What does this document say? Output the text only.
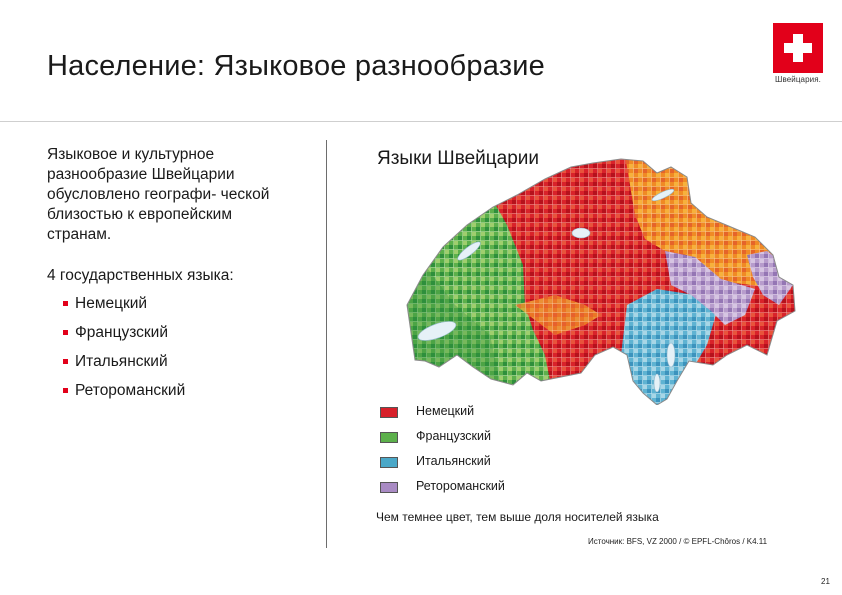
Население: Языковое разнообразие	Швейцария.

Языковое и культурное разнообразие Швейцарии обусловлено географи- ческой близостью к европейским странам.

4 государственных языка:

Немецкий
Французский
Итальянский
Ретороманский
Языки Швейцарии
Немецкий
Французский
Итальянский
Ретороманский
Чем темнее цвет, тем выше доля носителей языка
Источник: BFS, VZ 2000 / © EPFL-Chôros / K4.11
21
